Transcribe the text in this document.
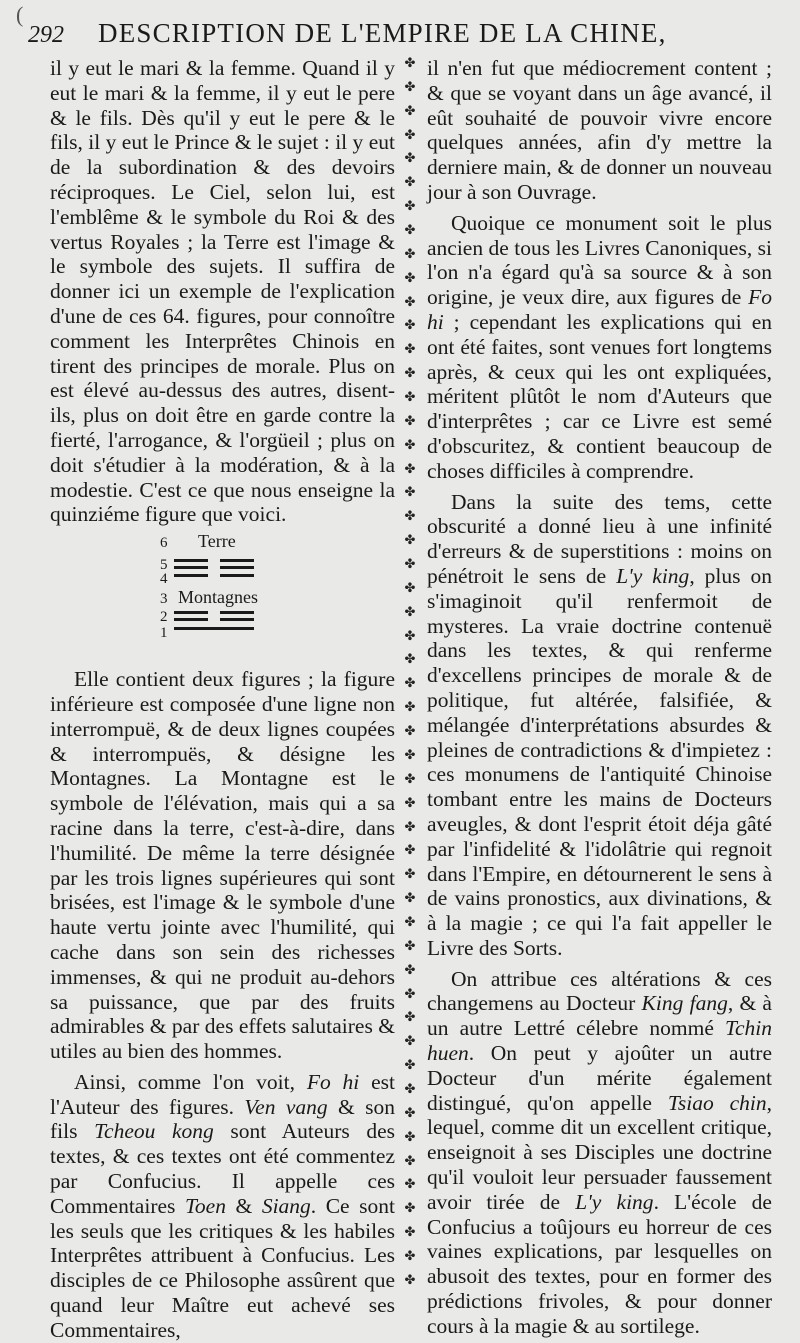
(
292	DESCRIPTION DE L'EMPIRE DE LA CHINE,

il y eut le mari & la femme. Quand il y eut le mari & la femme, il y eut le pere & le fils. Dès qu'il y eut le pere & le fils, il y eut le Prince & le sujet : il y eut de la subordination & des devoirs réciproques. Le Ciel, selon lui, est l'emblême & le symbole du Roi & des vertus Royales ; la Terre est l'image & le symbole des sujets. Il suffira de donner ici un exemple de l'explication d'une de ces 64. figures, pour connoître comment les Interprêtes Chinois en tirent des principes de morale. Plus on est élevé au-dessus des autres, disent-ils, plus on doit être en garde contre la fierté, l'arrogance, & l'orgüeil ; plus on doit s'étudier à la modération, & à la modestie. C'est ce que nous enseigne la quinziéme figure que voici.

6 Terre
5
4
3 Montagnes
2
1

Elle contient deux figures ; la figure inférieure est composée d'une ligne non interrompuë, & de deux lignes coupées & interrompuës, & désigne les Montagnes. La Montagne est le symbole de l'élévation, mais qui a sa racine dans la terre, c'est-à-dire, dans l'humilité. De même la terre désignée par les trois lignes supérieures qui sont brisées, est l'image & le symbole d'une haute vertu jointe avec l'humilité, qui cache dans son sein des richesses immenses, & qui ne produit au-dehors sa puissance, que par des fruits admirables & par des effets salutaires & utiles au bien des hommes.

Ainsi, comme l'on voit, Fo hi est l'Auteur des figures. Ven vang & son fils Tcheou kong sont Auteurs des textes, & ces textes ont été commentez par Confucius. Il appelle ces Commentaires Toen & Siang. Ce sont les seuls que les critiques & les habiles Interprêtes attribuent à Confucius. Les disciples de ce Philosophe assûrent que quand leur Maître eut achevé ses Commentaires,

✤
✤
✤
✤
✤
✤
✤
✤
✤
✤
✤
✤
✤
✤
✤
✤
✤
✤
✤
✤
✤
✤
✤
✤
✤
✤
✤
✤
✤
✤
✤
✤
✤
✤
✤
✤
✤
✤
✤
✤
✤
✤
✤
✤
✤
✤
✤
✤
✤
✤
✤
✤

il n'en fut que médiocrement content ; & que se voyant dans un âge avancé, il eût souhaité de pouvoir vivre encore quelques années, afin d'y mettre la derniere main, & de donner un nouveau jour à son Ouvrage.

Quoique ce monument soit le plus ancien de tous les Livres Canoniques, si l'on n'a égard qu'à sa source & à son origine, je veux dire, aux figures de Fo hi ; cependant les explications qui en ont été faites, sont venues fort longtems après, & ceux qui les ont expliquées, méritent plûtôt le nom d'Auteurs que d'interprêtes ; car ce Livre est semé d'obscuritez, & contient beaucoup de choses difficiles à comprendre.

Dans la suite des tems, cette obscurité a donné lieu à une infinité d'erreurs & de superstitions : moins on pénétroit le sens de L'y king, plus on s'imaginoit qu'il renfermoit de mysteres. La vraie doctrine contenuë dans les textes, & qui renferme d'excellens principes de morale & de politique, fut altérée, falsifiée, & mélangée d'interprétations absurdes & pleines de contradictions & d'impietez : ces monumens de l'antiquité Chinoise tombant entre les mains de Docteurs aveugles, & dont l'esprit étoit déja gâté par l'infidelité & l'idolâtrie qui regnoit dans l'Empire, en détournerent le sens à de vains pronostics, aux divinations, & à la magie ; ce qui l'a fait appeller le Livre des Sorts.

On attribue ces altérations & ces changemens au Docteur King fang, & à un autre Lettré célebre nommé Tchin huen. On peut y ajoûter un autre Docteur d'un mérite également distingué, qu'on appelle Tsiao chin, lequel, comme dit un excellent critique, enseignoit à ses Disciples une doctrine qu'il vouloit leur persuader faussement avoir tirée de L'y king. L'école de Confucius a toûjours eu horreur de ces vaines explications, par lesquelles on abusoit des textes, pour en former des prédictions frivoles, & pour donner cours à la magie & au sortilege.
